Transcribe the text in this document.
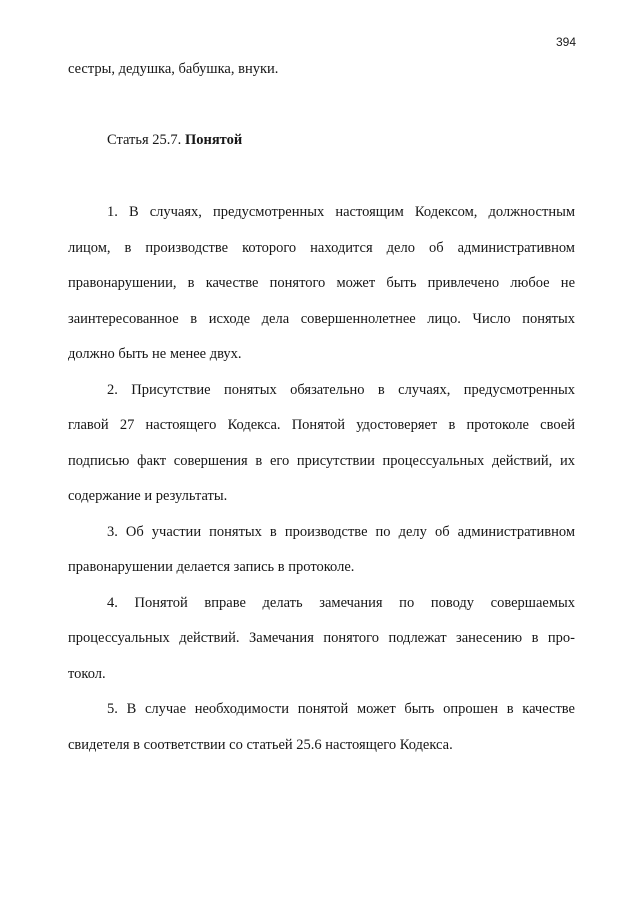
394
сестры, дедушка, бабушка, внуки.
Статья 25.7. Понятой
1. В случаях, предусмотренных настоящим Кодексом, должностным
лицом, в производстве которого находится дело об административном
правонарушении, в качестве понятого может быть привлечено любое не
заинтересованное в исходе дела совершеннолетнее лицо. Число понятых
должно быть не менее двух.
2. Присутствие понятых обязательно в случаях, предусмотренных
главой 27 настоящего Кодекса. Понятой удостоверяет в протоколе своей
подписью факт совершения в его присутствии процессуальных действий, их
содержание и результаты.
3. Об участии понятых в производстве по делу об административном
правонарушении делается запись в протоколе.
4. Понятой вправе делать замечания по поводу совершаемых
процессуальных действий. Замечания понятого подлежат занесению в про-
токол.
5. В случае необходимости понятой может быть опрошен в качестве
свидетеля в соответствии со статьей 25.6 настоящего Кодекса.
